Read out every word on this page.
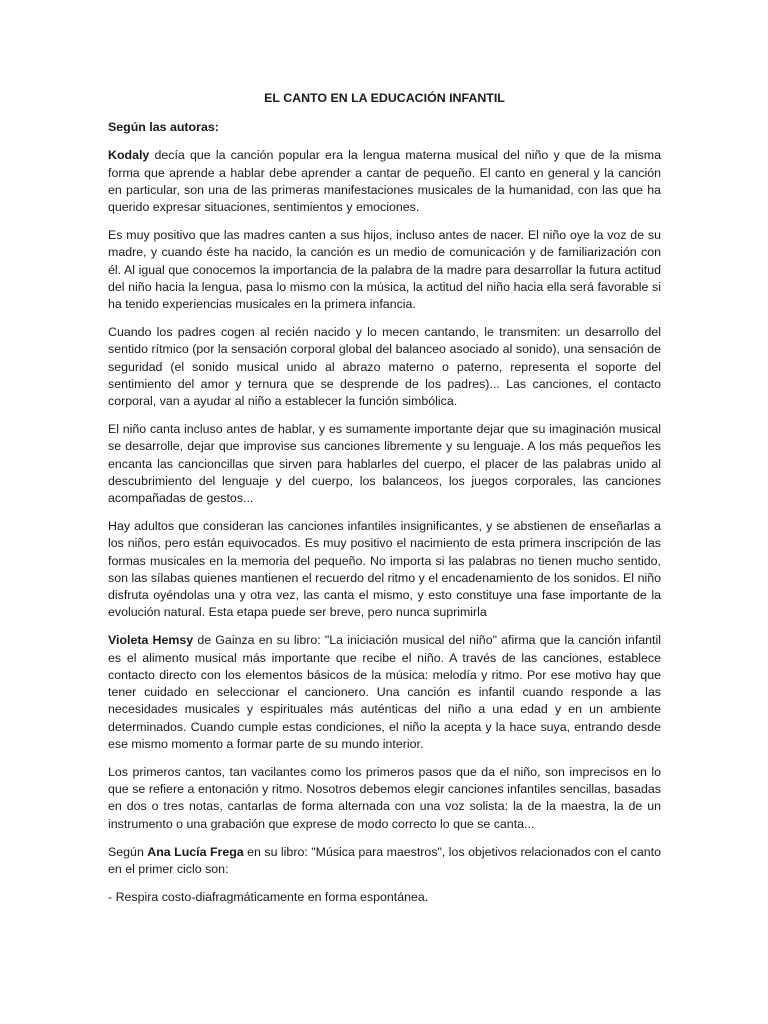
EL CANTO EN LA EDUCACIÓN INFANTIL
Según las autoras:

Kodaly decía que la canción popular era la lengua materna musical del niño y que de la misma forma que aprende a hablar debe aprender a cantar de pequeño. El canto en general y la canción en particular, son una de las primeras manifestaciones musicales de la humanidad, con las que ha querido expresar situaciones, sentimientos y emociones.

Es muy positivo que las madres canten a sus hijos, incluso antes de nacer. El niño oye la voz de su madre, y cuando éste ha nacido, la canción es un medio de comunicación y de familiarización con él. Al igual que conocemos la importancia de la palabra de la madre para desarrollar la futura actitud del niño hacia la lengua, pasa lo mismo con la música, la actitud del niño hacia ella será favorable si ha tenido experiencias musicales en la primera infancia.

Cuando los padres cogen al recién nacido y lo mecen cantando, le transmiten: un desarrollo del sentido rítmico (por la sensación corporal global del balanceo asociado al sonido), una sensación de seguridad (el sonido musical unido al abrazo materno o paterno, representa el soporte del sentimiento del amor y ternura que se desprende de los padres)... Las canciones, el contacto corporal, van a ayudar al niño a establecer la función simbólica.

El niño canta incluso antes de hablar, y es sumamente importante dejar que su imaginación musical se desarrolle, dejar que improvise sus canciones libremente y su lenguaje. A los más pequeños les encanta las cancioncillas que sirven para hablarles del cuerpo, el placer de las palabras unido al descubrimiento del lenguaje y del cuerpo, los balanceos, los juegos corporales, las canciones acompañadas de gestos...

Hay adultos que consideran las canciones infantiles insignificantes, y se abstienen de enseñarlas a los niños, pero están equivocados. Es muy positivo el nacimiento de esta primera inscripción de las formas musicales en la memoria del pequeño. No importa si las palabras no tienen mucho sentido, son las sílabas quienes mantienen el recuerdo del ritmo y el encadenamiento de los sonidos. El niño disfruta oyéndolas una y otra vez, las canta el mismo, y esto constituye una fase importante de la evolución natural. Esta etapa puede ser breve, pero nunca suprimirla

Violeta Hemsy de Gainza en su libro: "La iniciación musical del niño" afirma que la canción infantil es el alimento musical más importante que recibe el niño. A través de las canciones, establece contacto directo con los elementos básicos de la música: melodía y ritmo. Por ese motivo hay que tener cuidado en seleccionar el cancionero. Una canción es infantil cuando responde a las necesidades musicales y espirituales más auténticas del niño a una edad y en un ambiente determinados. Cuando cumple estas condiciones, el niño la acepta y la hace suya, entrando desde ese mismo momento a formar parte de su mundo interior.

Los primeros cantos, tan vacilantes como los primeros pasos que da el niño, son imprecisos en lo que se refiere a entonación y ritmo. Nosotros debemos elegir canciones infantiles sencillas, basadas en dos o tres notas, cantarlas de forma alternada con una voz solista: la de la maestra, la de un instrumento o una grabación que exprese de modo correcto lo que se canta...

Según Ana Lucía Frega en su libro: "Música para maestros", los objetivos relacionados con el canto en el primer ciclo son:

- Respira costo-diafragmáticamente en forma espontánea.
